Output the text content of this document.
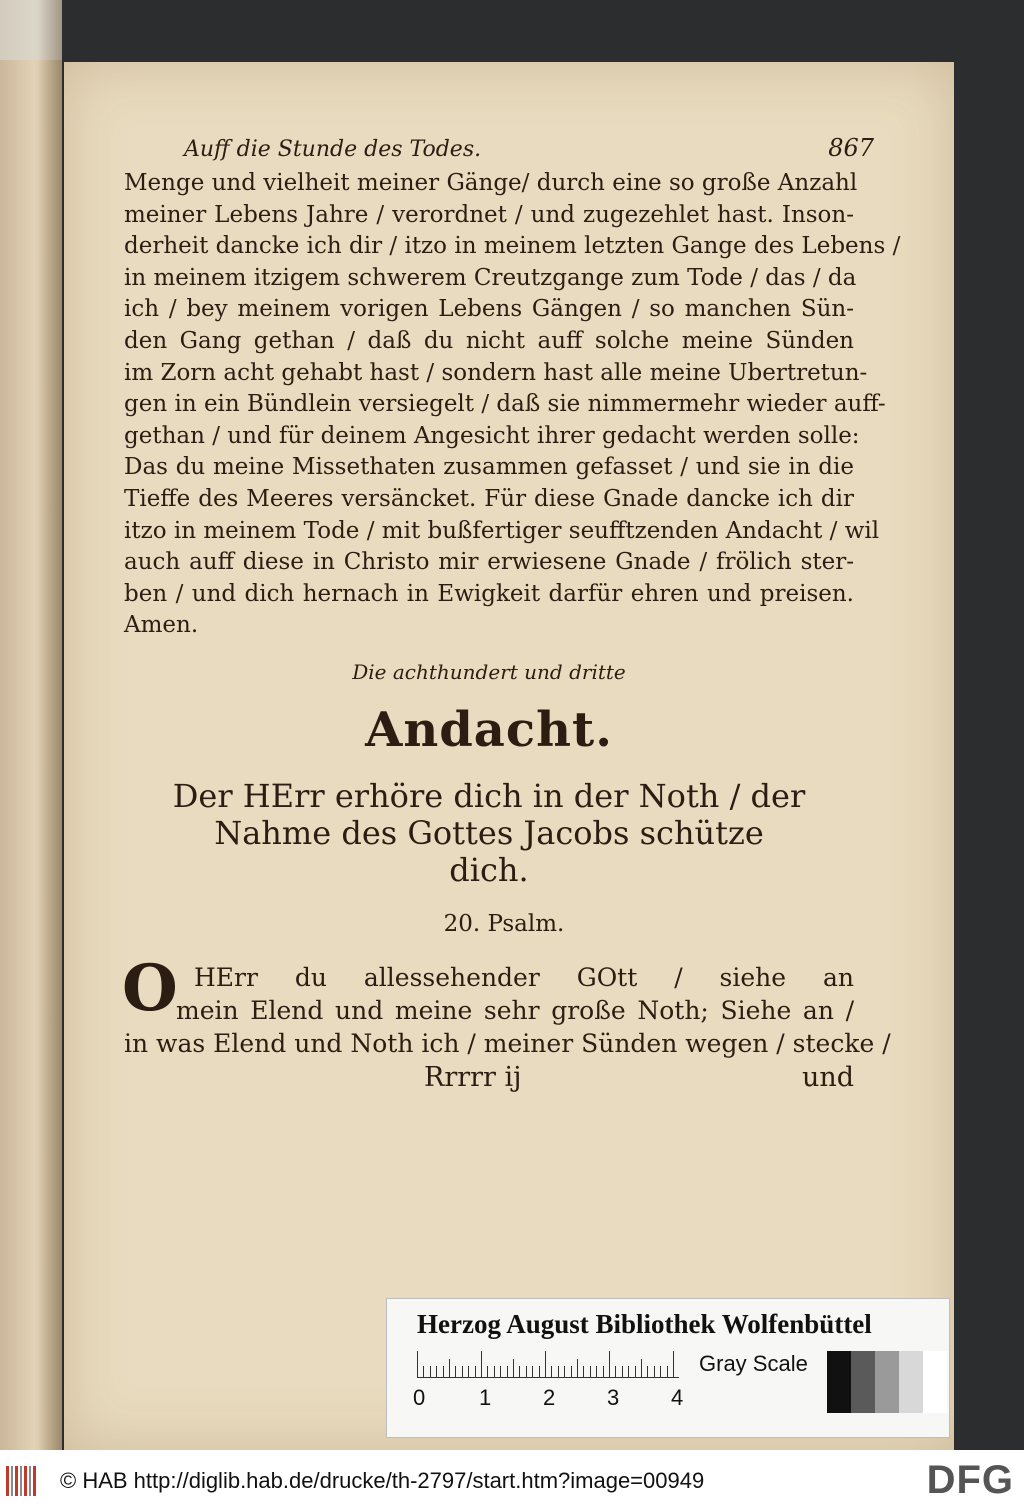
Auff die Stunde des Todes.	867
Menge und vielheit meiner Gänge/ durch eine so große Anzahl
meiner Lebens Jahre / verordnet / und zugezehlet hast. Inson-
derheit dancke ich dir / itzo in meinem letzten Gange des Lebens /
in meinem itzigem schwerem Creutzgange zum Tode / das / da
ich / bey meinem vorigen Lebens Gängen / so manchen Sün-
den Gang gethan / daß du nicht auff solche meine Sünden
im Zorn acht gehabt hast / sondern hast alle meine Ubertretun-
gen in ein Bündlein versiegelt / daß sie nimmermehr wieder auff-
gethan / und für deinem Angesicht ihrer gedacht werden solle:
Das du meine Missethaten zusammen gefasset / und sie in die
Tieffe des Meeres versäncket. Für diese Gnade dancke ich dir
itzo in meinem Tode / mit bußfertiger seufftzenden Andacht / wil
auch auff diese in Christo mir erwiesene Gnade / frölich ster-
ben / und dich hernach in Ewigkeit darfür ehren und preisen.
Amen.
Die achthundert und dritte
Andacht.
Der HErr erhöre dich in der Noth / der
Nahme des Gottes Jacobs schütze
dich.
20. Psalm.
O HErr du allessehender GOtt / siehe an
mein Elend und meine sehr große Noth; Siehe an /
in was Elend und Noth ich / meiner Sünden wegen / stecke /
Rrrrr ij	und
Herzog August Bibliothek Wolfenbüttel
0 1 2 3 4
Gray Scale
© HAB http://diglib.hab.de/drucke/th-2797/start.htm?image=00949	DFG
